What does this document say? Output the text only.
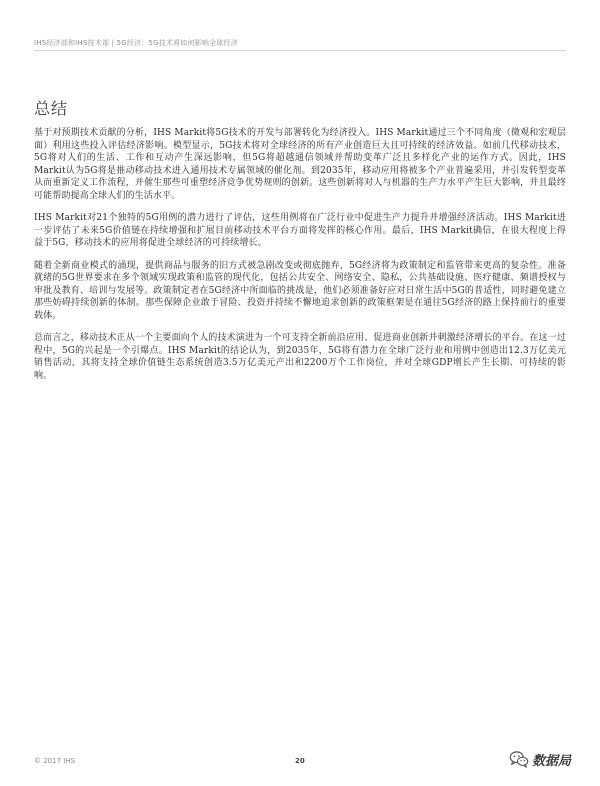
IHS经济部和IHS技术部 | 5G经济：5G技术将如何影响全球经济
总结

基于对预期技术贡献的分析，IHS Markit将5G技术的开发与部署转化为经济投入。IHS Markit通过三个不同角度（微观和宏观层面）利用这些投入评估经济影响。模型显示，5G技术将对全球经济的所有产业创造巨大且可持续的经济效益。如前几代移动技术，5G将对人们的生活、工作和互动产生深远影响，但5G将超越通信领域并帮助变革广泛且多样化产业的运作方式。因此，IHS Markit认为5G将是推动移动技术进入通用技术专属领域的催化剂。到2035年，移动应用将被多个产业普遍采用，并引发转型变革从而重新定义工作流程，并催生那些可重塑经济竞争优势规则的创新。这些创新将对人与机器的生产力水平产生巨大影响，并且最终可能帮助提高全球人们的生活水平。

IHS Markit对21个独特的5G用例的潜力进行了评估，这些用例将在广泛行业中促进生产力提升并增强经济活动。IHS Markit进一步评估了未来5G价值链在持续增强和扩展目前移动技术平台方面将发挥的核心作用。最后，IHS Markit确信，在很大程度上得益于5G，移动技术的应用将促进全球经济的可持续增长。

随着全新商业模式的涌现，提供商品与服务的旧方式被急剧改变或彻底抛弃，5G经济将为政策制定和监管带来更高的复杂性。准备就绪的5G世界要求在多个领域实现政策和监管的现代化，包括公共安全、网络安全、隐私，公共基础设施、医疗健康、频谱授权与审批及教育、培训与发展等。政策制定者在5G经济中所面临的挑战是，他们必须准备好应对日常生活中5G的普适性，同时避免建立那些妨碍持续创新的体制。那些保障企业敢于冒险、投资并持续不懈地追求创新的政策框架是在通往5G经济的路上保持前行的重要载体。

总而言之，移动技术正从一个主要面向个人的技术演进为一个可支持全新前沿应用、促进商业创新并刺激经济增长的平台。在这一过程中，5G的兴起是一个引爆点。IHS Markit的结论认为，到2035年，5G将有潜力在全球广泛行业和用例中创造出12.3万亿美元销售活动，其将支持全球价值链生态系统创造3.5万亿美元产出和2200万个工作岗位，并对全球GDP增长产生长期、可持续的影响。

© 2017 IHS	20	数据局
